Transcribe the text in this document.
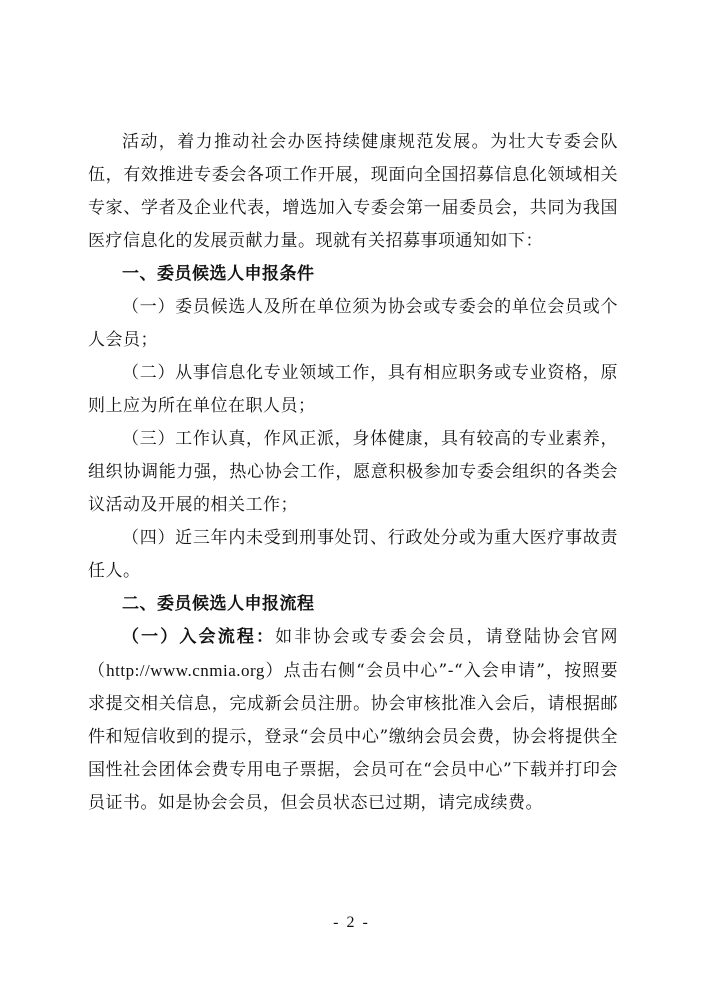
活动，着力推动社会办医持续健康规范发展。为壮大专委会队伍，有效推进专委会各项工作开展，现面向全国招募信息化领域相关专家、学者及企业代表，增选加入专委会第一届委员会，共同为我国医疗信息化的发展贡献力量。现就有关招募事项通知如下：

一、委员候选人申报条件

（一）委员候选人及所在单位须为协会或专委会的单位会员或个人会员；

（二）从事信息化专业领域工作，具有相应职务或专业资格，原则上应为所在单位在职人员；

（三）工作认真，作风正派，身体健康，具有较高的专业素养，组织协调能力强，热心协会工作，愿意积极参加专委会组织的各类会议活动及开展的相关工作；

（四）近三年内未受到刑事处罚、行政处分或为重大医疗事故责任人。

二、委员候选人申报流程

（一）入会流程：如非协会或专委会会员，请登陆协会官网（http://www.cnmia.org）点击右侧“会员中心”-“入会申请”，按照要求提交相关信息，完成新会员注册。协会审核批准入会后，请根据邮件和短信收到的提示，登录“会员中心”缴纳会员会费，协会将提供全国性社会团体会费专用电子票据，会员可在“会员中心”下载并打印会员证书。如是协会会员，但会员状态已过期，请完成续费。

- 2 -
